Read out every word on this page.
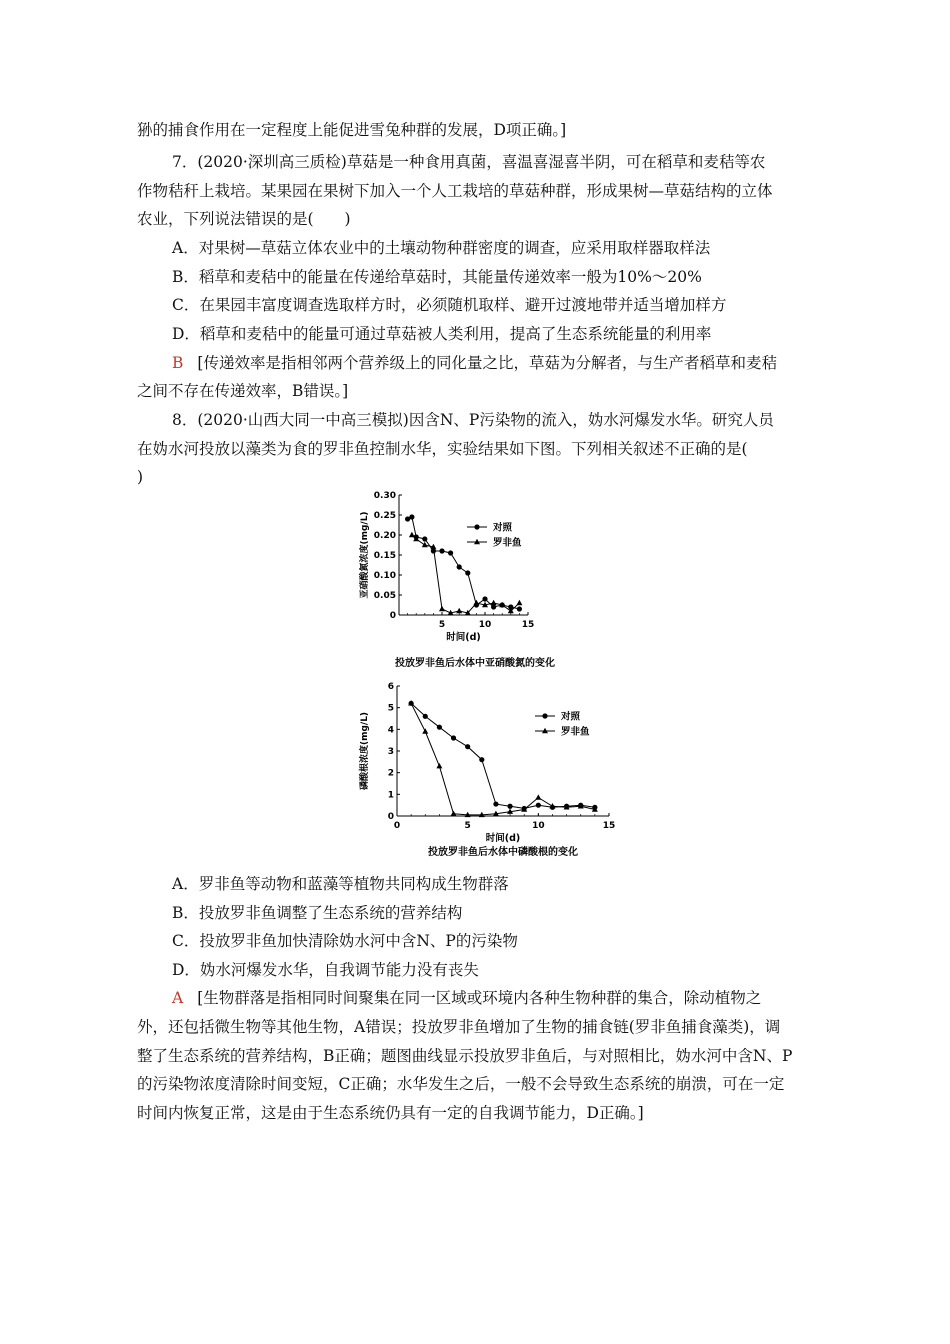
狲的捕食作用在一定程度上能促进雪兔种群的发展，D项正确。]
7．(2020·深圳高三质检)草菇是一种食用真菌，喜温喜湿喜半阴，可在稻草和麦秸等农
作物秸秆上栽培。某果园在果树下加入一个人工栽培的草菇种群，形成果树—草菇结构的立体
农业，下列说法错误的是(　　)
A．对果树—草菇立体农业中的土壤动物种群密度的调查，应采用取样器取样法
B．稻草和麦秸中的能量在传递给草菇时，其能量传递效率一般为10%～20%
C．在果园丰富度调查选取样方时，必须随机取样、避开过渡地带并适当增加样方
D．稻草和麦秸中的能量可通过草菇被人类利用，提高了生态系统能量的利用率
B [传递效率是指相邻两个营养级上的同化量之比，草菇为分解者，与生产者稻草和麦秸
之间不存在传递效率，B错误。]
8．(2020·山西大同一中高三模拟)因含N、P污染物的流入，妫水河爆发水华。研究人员
在妫水河投放以藻类为食的罗非鱼控制水华，实验结果如下图。下列相关叙述不正确的是(
)
0
0.05
0.10
0.15
0.20
0.25
0.30
5	10	15
时间(d)
亚硝酸氮浓度(mg/L)
投放罗非鱼后水体中亚硝酸氮的变化
对照
罗非鱼
0
1
2
3
4
5
6
0	5	10	15
时间(d)
磷酸根浓度(mg/L)
投放罗非鱼后水体中磷酸根的变化
对照
罗非鱼
A．罗非鱼等动物和蓝藻等植物共同构成生物群落
B．投放罗非鱼调整了生态系统的营养结构
C．投放罗非鱼加快清除妫水河中含N、P的污染物
D．妫水河爆发水华，自我调节能力没有丧失
A [生物群落是指相同时间聚集在同一区域或环境内各种生物种群的集合，除动植物之
外，还包括微生物等其他生物，A错误；投放罗非鱼增加了生物的捕食链(罗非鱼捕食藻类)，调
整了生态系统的营养结构，B正确；题图曲线显示投放罗非鱼后，与对照相比，妫水河中含N、P
的污染物浓度清除时间变短，C正确；水华发生之后，一般不会导致生态系统的崩溃，可在一定
时间内恢复正常，这是由于生态系统仍具有一定的自我调节能力，D正确。]
